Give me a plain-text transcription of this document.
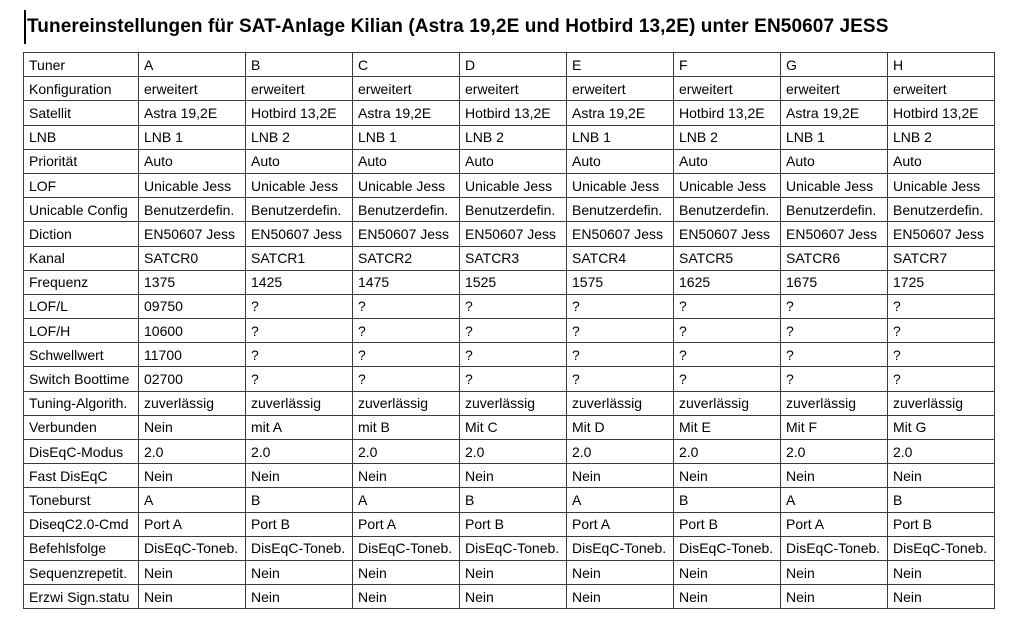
Tunereinstellungen für SAT-Anlage Kilian (Astra 19,2E und Hotbird 13,2E) unter EN50607 JESS
Tuner	A	B	C	D	E	F	G	H
Konfiguration	erweitert	erweitert	erweitert	erweitert	erweitert	erweitert	erweitert	erweitert
Satellit	Astra 19,2E	Hotbird 13,2E	Astra 19,2E	Hotbird 13,2E	Astra 19,2E	Hotbird 13,2E	Astra 19,2E	Hotbird 13,2E
LNB	LNB 1	LNB 2	LNB 1	LNB 2	LNB 1	LNB 2	LNB 1	LNB 2
Priorität	Auto	Auto	Auto	Auto	Auto	Auto	Auto	Auto
LOF	Unicable Jess	Unicable Jess	Unicable Jess	Unicable Jess	Unicable Jess	Unicable Jess	Unicable Jess	Unicable Jess
Unicable Config	Benutzerdefin.	Benutzerdefin.	Benutzerdefin.	Benutzerdefin.	Benutzerdefin.	Benutzerdefin.	Benutzerdefin.	Benutzerdefin.
Diction	EN50607 Jess	EN50607 Jess	EN50607 Jess	EN50607 Jess	EN50607 Jess	EN50607 Jess	EN50607 Jess	EN50607 Jess
Kanal	SATCR0	SATCR1	SATCR2	SATCR3	SATCR4	SATCR5	SATCR6	SATCR7
Frequenz	1375	1425	1475	1525	1575	1625	1675	1725
LOF/L	09750	?	?	?	?	?	?	?
LOF/H	10600	?	?	?	?	?	?	?
Schwellwert	11700	?	?	?	?	?	?	?
Switch Boottime	02700	?	?	?	?	?	?	?
Tuning-Algorith.	zuverlässig	zuverlässig	zuverlässig	zuverlässig	zuverlässig	zuverlässig	zuverlässig	zuverlässig
Verbunden	Nein	mit A	mit B	Mit C	Mit D	Mit E	Mit F	Mit G
DisEqC-Modus	2.0	2.0	2.0	2.0	2.0	2.0	2.0	2.0
Fast DisEqC	Nein	Nein	Nein	Nein	Nein	Nein	Nein	Nein
Toneburst	A	B	A	B	A	B	A	B
DiseqC2.0-Cmd	Port A	Port B	Port A	Port B	Port A	Port B	Port A	Port B
Befehlsfolge	DisEqC-Toneb.	DisEqC-Toneb.	DisEqC-Toneb.	DisEqC-Toneb.	DisEqC-Toneb.	DisEqC-Toneb.	DisEqC-Toneb.	DisEqC-Toneb.
Sequenzrepetit.	Nein	Nein	Nein	Nein	Nein	Nein	Nein	Nein
Erzwi Sign.statu	Nein	Nein	Nein	Nein	Nein	Nein	Nein	Nein
